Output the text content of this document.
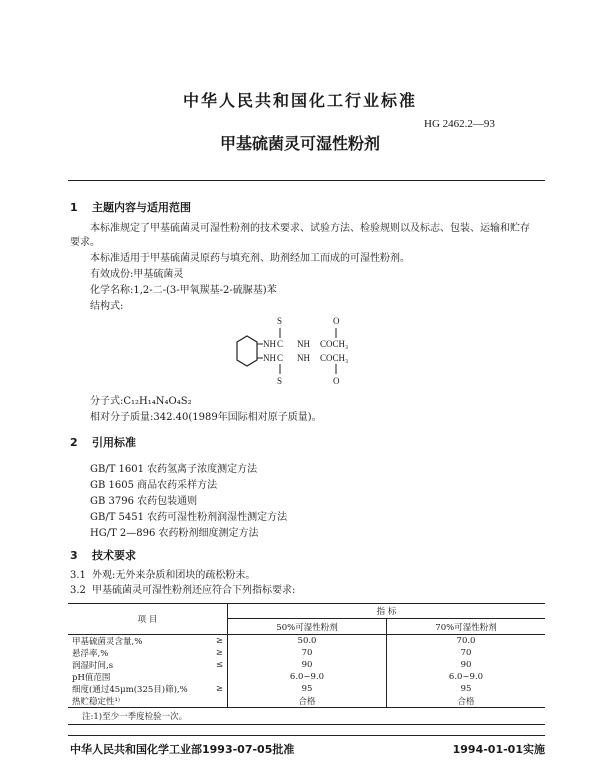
中华人民共和国化工行业标准
HG 2462.2—93
甲基硫菌灵可湿性粉剂
1 主题内容与适用范围
本标准规定了甲基硫菌灵可湿性粉剂的技术要求、试验方法、检验规则以及标志、包装、运输和贮存
要求。
本标准适用于甲基硫菌灵原药与填充剂、助剂经加工而成的可湿性粉剂。
有效成份:甲基硫菌灵
化学名称:1,2-二-(3-甲氧羰基-2-硫脲基)苯
结构式:
S	O
NH C NH COCH₃
NH C NH COCH₃
S	O
分子式:C₁₂H₁₄N₄O₄S₂
相对分子质量:342.40(1989年国际相对原子质量)。
2 引用标准
GB/T 1601 农药氢离子浓度测定方法
GB 1605 商品农药采样方法
GB 3796 农药包装通则
GB/T 5451 农药可湿性粉剂润湿性测定方法
HG/T 2—896 农药粉剂细度测定方法
3 技术要求
3.1 外观:无外来杂质和团块的疏松粉末。
3.2 甲基硫菌灵可湿性粉剂还应符合下列指标要求:
项 目		指 标	
		50%可湿性粉剂	70%可湿性粉剂
甲基硫菌灵含量,%	≥	50.0	70.0
悬浮率,%	≥	70	70
润湿时间,s	≤	90	90
pH值范围		6.0~9.0	6.0~9.0
细度(通过45μm(325目)筛),%	≥	95	95
热贮稳定性¹⁾		合格	合格
注:1)至少一季度检验一次。			
中华人民共和国化学工业部1993-07-05批准	1994-01-01实施
